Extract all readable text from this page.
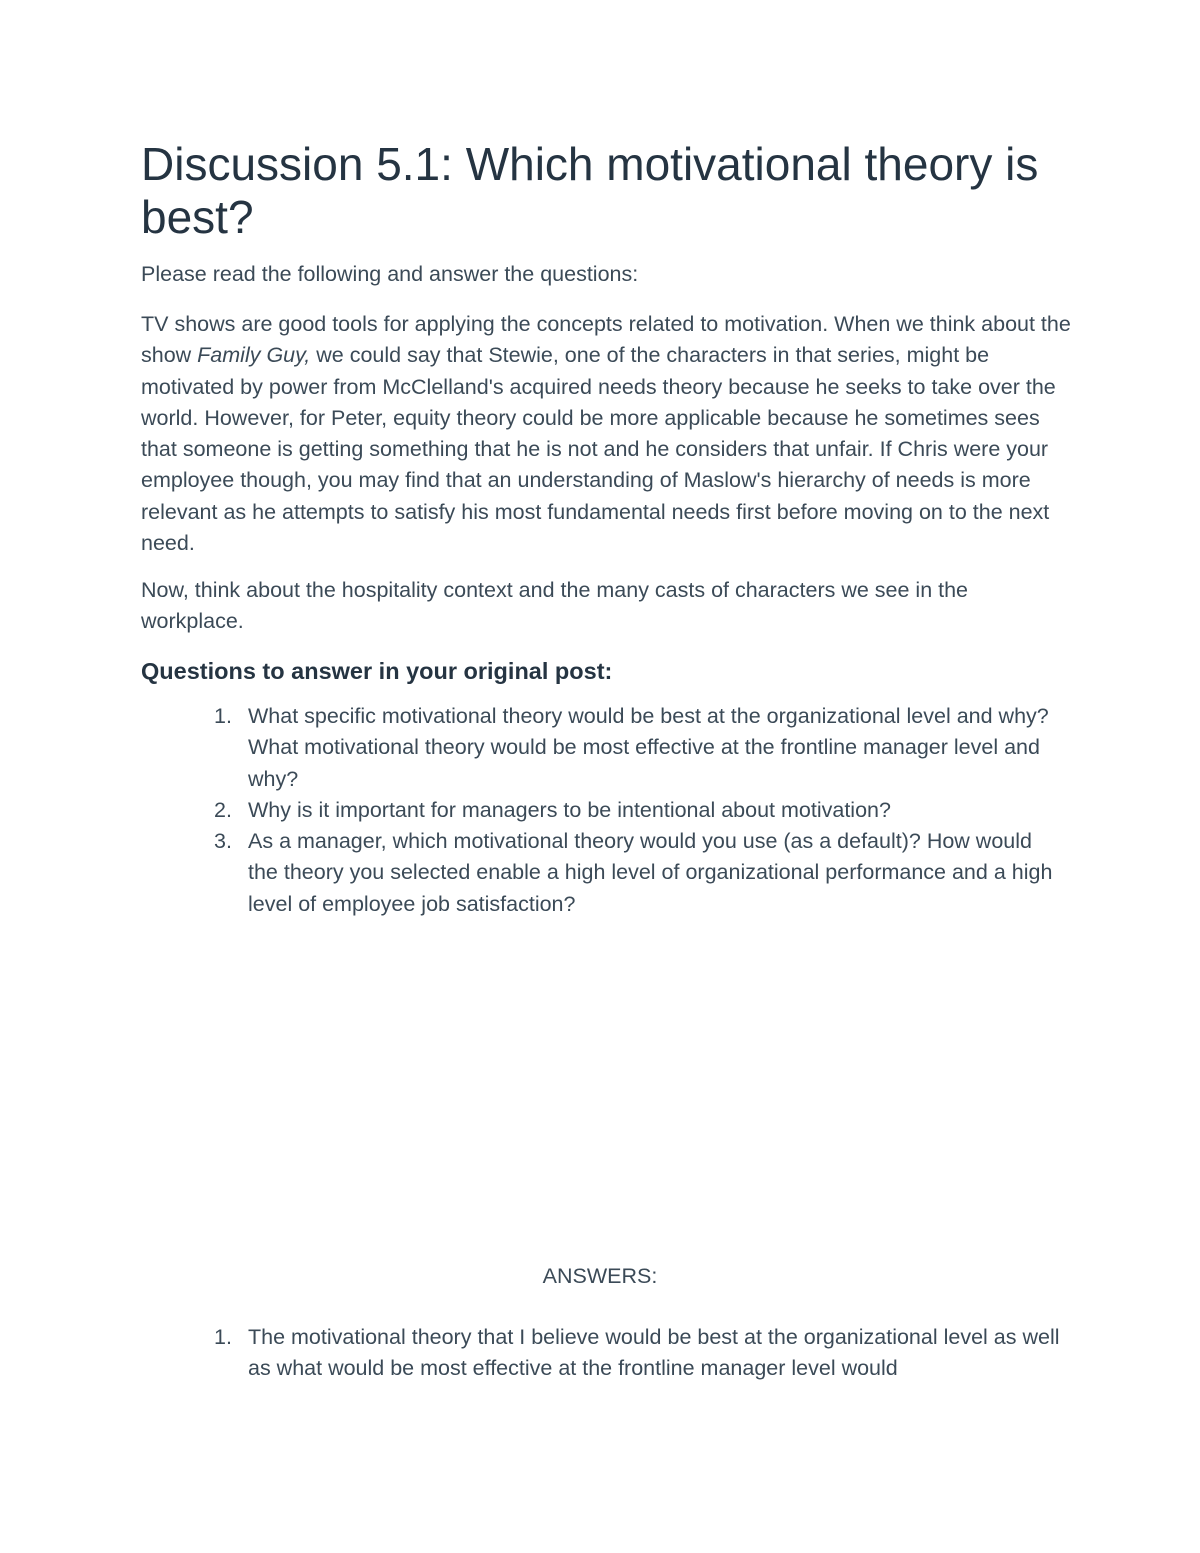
Discussion 5.1: Which motivational theory is best?

Please read the following and answer the questions:

TV shows are good tools for applying the concepts related to motivation. When we think about the show Family Guy, we could say that Stewie, one of the characters in that series, might be motivated by power from McClelland's acquired needs theory because he seeks to take over the world. However, for Peter, equity theory could be more applicable because he sometimes sees that someone is getting something that he is not and he considers that unfair. If Chris were your employee though, you may find that an understanding of Maslow's hierarchy of needs is more relevant as he attempts to satisfy his most fundamental needs first before moving on to the next need.

Now, think about the hospitality context and the many casts of characters we see in the workplace.

Questions to answer in your original post:
1. What specific motivational theory would be best at the organizational level and why? What motivational theory would be most effective at the frontline manager level and why?
2. Why is it important for managers to be intentional about motivation?
3. As a manager, which motivational theory would you use (as a default)? How would the theory you selected enable a high level of organizational performance and a high level of employee job satisfaction?

ANSWERS:

1. The motivational theory that I believe would be best at the organizational level as well as what would be most effective at the frontline manager level would
